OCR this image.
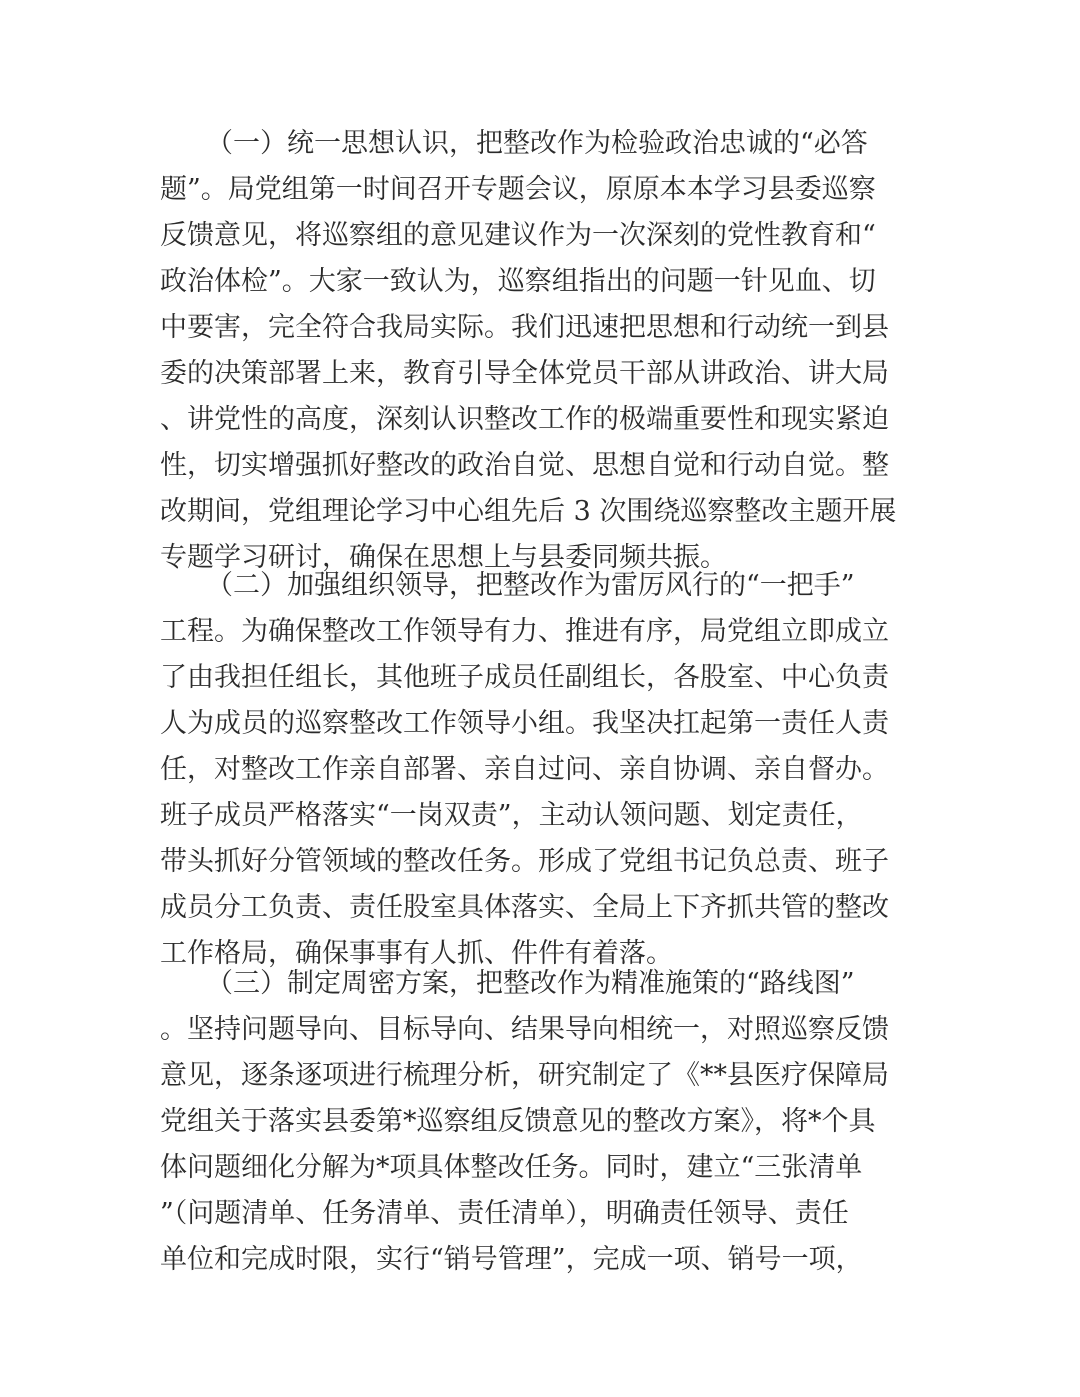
（一）统一思想认识，把整改作为检验政治忠诚的“必答
题”。局党组第一时间召开专题会议，原原本本学习县委巡察
反馈意见，将巡察组的意见建议作为一次深刻的党性教育和“
政治体检”。大家一致认为，巡察组指出的问题一针见血、切
中要害，完全符合我局实际。我们迅速把思想和行动统一到县
委的决策部署上来，教育引导全体党员干部从讲政治、讲大局
、讲党性的高度，深刻认识整改工作的极端重要性和现实紧迫
性，切实增强抓好整改的政治自觉、思想自觉和行动自觉。整
改期间，党组理论学习中心组先后 3 次围绕巡察整改主题开展
专题学习研讨，确保在思想上与县委同频共振。
（二）加强组织领导，把整改作为雷厉风行的“一把手”
工程。为确保整改工作领导有力、推进有序，局党组立即成立
了由我担任组长，其他班子成员任副组长，各股室、中心负责
人为成员的巡察整改工作领导小组。我坚决扛起第一责任人责
任，对整改工作亲自部署、亲自过问、亲自协调、亲自督办。
班子成员严格落实“一岗双责”，主动认领问题、划定责任，
带头抓好分管领域的整改任务。形成了党组书记负总责、班子
成员分工负责、责任股室具体落实、全局上下齐抓共管的整改
工作格局，确保事事有人抓、件件有着落。
（三）制定周密方案，把整改作为精准施策的“路线图”
。坚持问题导向、目标导向、结果导向相统一，对照巡察反馈
意见，逐条逐项进行梳理分析，研究制定了《**县医疗保障局
党组关于落实县委第*巡察组反馈意见的整改方案》，将*个具
体问题细化分解为*项具体整改任务。同时，建立“三张清单
”（问题清单、任务清单、责任清单），明确责任领导、责任
单位和完成时限，实行“销号管理”，完成一项、销号一项，
